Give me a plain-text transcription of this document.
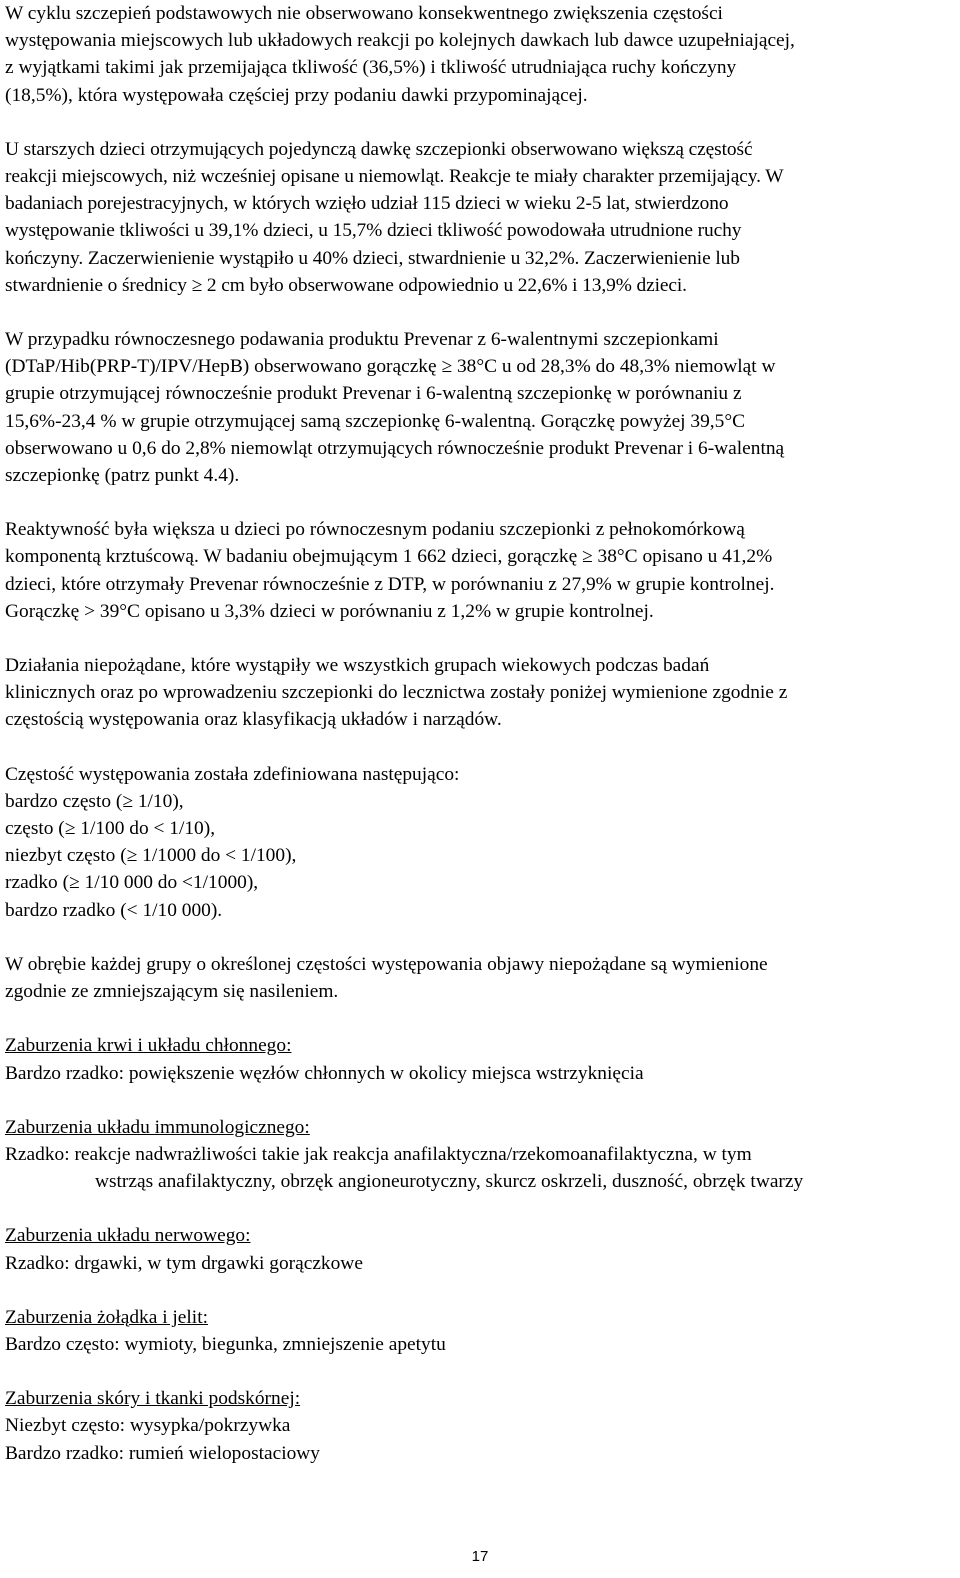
W cyklu szczepień podstawowych nie obserwowano konsekwentnego zwiększenia częstości
występowania miejscowych lub układowych reakcji po kolejnych dawkach lub dawce uzupełniającej,
z wyjątkami takimi jak przemijająca tkliwość (36,5%) i tkliwość utrudniająca ruchy kończyny
(18,5%), która występowała częściej przy podaniu dawki przypominającej.
U starszych dzieci otrzymujących pojedynczą dawkę szczepionki obserwowano większą częstość
reakcji miejscowych, niż wcześniej opisane u niemowląt. Reakcje te miały charakter przemijający. W
badaniach porejestracyjnych, w których wzięło udział 115 dzieci w wieku 2-5 lat, stwierdzono
występowanie tkliwości u 39,1% dzieci, u 15,7% dzieci tkliwość powodowała utrudnione ruchy
kończyny. Zaczerwienienie wystąpiło u 40% dzieci, stwardnienie u 32,2%. Zaczerwienienie lub
stwardnienie o średnicy ≥ 2 cm było obserwowane odpowiednio u 22,6% i 13,9% dzieci.
W przypadku równoczesnego podawania produktu Prevenar z 6-walentnymi szczepionkami
(DTaP/Hib(PRP-T)/IPV/HepB) obserwowano gorączkę ≥ 38°C u od 28,3% do 48,3% niemowląt w
grupie otrzymującej równocześnie produkt Prevenar i 6-walentną szczepionkę w porównaniu z
15,6%-23,4 % w grupie otrzymującej samą szczepionkę 6-walentną. Gorączkę powyżej 39,5°C
obserwowano u 0,6 do 2,8% niemowląt otrzymujących równocześnie produkt Prevenar i 6-walentną
szczepionkę (patrz punkt 4.4).
Reaktywność była większa u dzieci po równoczesnym podaniu szczepionki z pełnokomórkową
komponentą krztuścową. W badaniu obejmującym 1 662 dzieci, gorączkę ≥ 38°C opisano u 41,2%
dzieci, które otrzymały Prevenar równocześnie z DTP, w porównaniu z 27,9% w grupie kontrolnej.
Gorączkę > 39°C opisano u 3,3% dzieci w porównaniu z 1,2% w grupie kontrolnej.
Działania niepożądane, które wystąpiły we wszystkich grupach wiekowych podczas badań
klinicznych oraz po wprowadzeniu szczepionki do lecznictwa zostały poniżej wymienione zgodnie z
częstością występowania oraz klasyfikacją układów i narządów.
Częstość występowania została zdefiniowana następująco:
bardzo często (≥ 1/10),
często (≥ 1/100 do < 1/10),
niezbyt często (≥ 1/1000 do < 1/100),
rzadko (≥ 1/10 000 do <1/1000),
bardzo rzadko (< 1/10 000).
W obrębie każdej grupy o określonej częstości występowania objawy niepożądane są wymienione
zgodnie ze zmniejszającym się nasileniem.
Zaburzenia krwi i układu chłonnego:
Bardzo rzadko: powiększenie węzłów chłonnych w okolicy miejsca wstrzyknięcia
Zaburzenia układu immunologicznego:
Rzadko: reakcje nadwrażliwości takie jak reakcja anafilaktyczna/rzekomoanafilaktyczna, w tym
wstrząs anafilaktyczny, obrzęk angioneurotyczny, skurcz oskrzeli, duszność, obrzęk twarzy
Zaburzenia układu nerwowego:
Rzadko: drgawki, w tym drgawki gorączkowe
Zaburzenia żołądka i jelit:
Bardzo często: wymioty, biegunka, zmniejszenie apetytu
Zaburzenia skóry i tkanki podskórnej:
Niezbyt często: wysypka/pokrzywka
Bardzo rzadko: rumień wielopostaciowy
17
